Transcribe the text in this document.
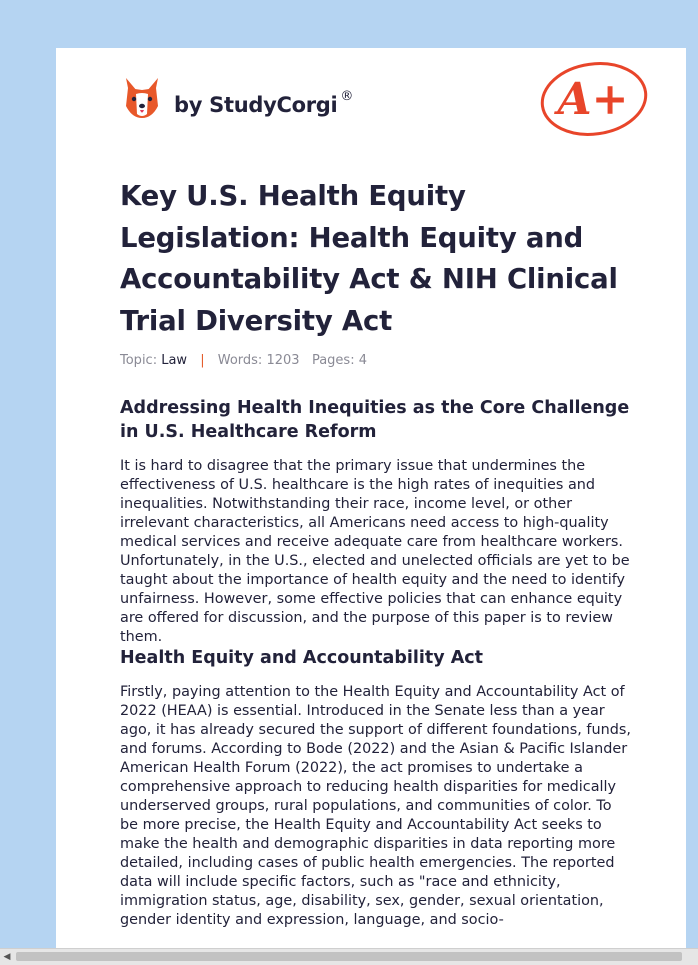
by StudyCorgi ®	A+
Key U.S. Health Equity Legislation: Health Equity and Accountability Act & NIH Clinical Trial Diversity Act
Topic: Law | Words: 1203 Pages: 4
Addressing Health Inequities as the Core Challenge in U.S. Healthcare Reform

It is hard to disagree that the primary issue that undermines the effectiveness of U.S. healthcare is the high rates of inequities and inequalities. Notwithstanding their race, income level, or other irrelevant characteristics, all Americans need access to high-quality medical services and receive adequate care from healthcare workers. Unfortunately, in the U.S., elected and unelected officials are yet to be taught about the importance of health equity and the need to identify unfairness. However, some effective policies that can enhance equity are offered for discussion, and the purpose of this paper is to review them.

Health Equity and Accountability Act

Firstly, paying attention to the Health Equity and Accountability Act of 2022 (HEAA) is essential. Introduced in the Senate less than a year ago, it has already secured the support of different foundations, funds, and forums. According to Bode (2022) and the Asian & Pacific Islander American Health Forum (2022), the act promises to undertake a comprehensive approach to reducing health disparities for medically underserved groups, rural populations, and communities of color. To be more precise, the Health Equity and Accountability Act seeks to make the health and demographic disparities in data reporting more detailed, including cases of public health emergencies. The reported data will include specific factors, such as "race and ethnicity, immigration status, age, disability, sex, gender, sexual orientation, gender identity and expression, language, and socio-

◀
